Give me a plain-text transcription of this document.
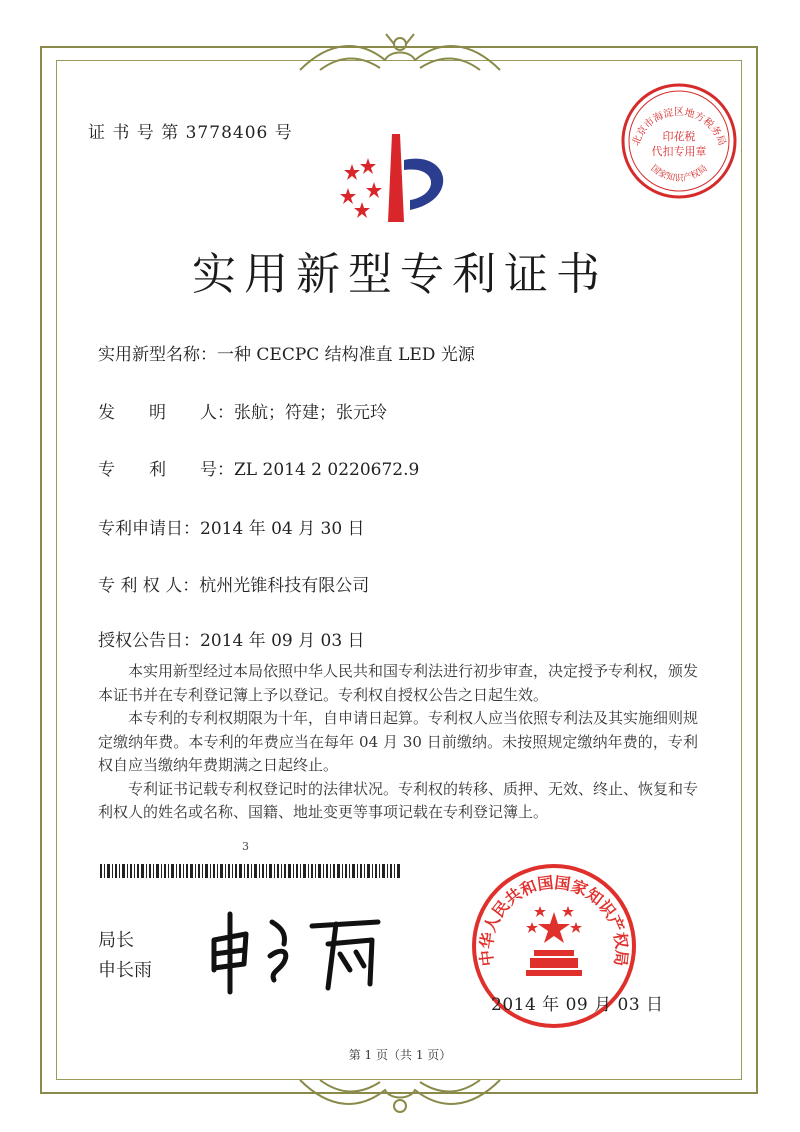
证 书 号 第 3778406 号
实用新型专利证书
实用新型名称：一种 CECPC 结构准直 LED 光源
发　　明　　人：张航；符建；张元玲
专　　利　　号：ZL 2014 2 0220672.9
专利申请日：2014 年 04 月 30 日
专 利 权 人：杭州光锥科技有限公司
授权公告日：2014 年 09 月 03 日

本实用新型经过本局依照中华人民共和国专利法进行初步审查，决定授予专利权，颁发本证书并在专利登记簿上予以登记。专利权自授权公告之日起生效。

本专利的专利权期限为十年，自申请日起算。专利权人应当依照专利法及其实施细则规定缴纳年费。本专利的年费应当在每年 04 月 30 日前缴纳。未按照规定缴纳年费的，专利权自应当缴纳年费期满之日起终止。

专利证书记载专利权登记时的法律状况。专利权的转移、质押、无效、终止、恢复和专利权人的姓名或名称、国籍、地址变更等事项记载在专利登记簿上。

3
局长
申长雨
北京市海淀区地方税务局
印花税
代扣专用章
国家知识产权局
中华人民共和国国家知识产权局
2014 年 09 月 03 日
第 1 页（共 1 页）
